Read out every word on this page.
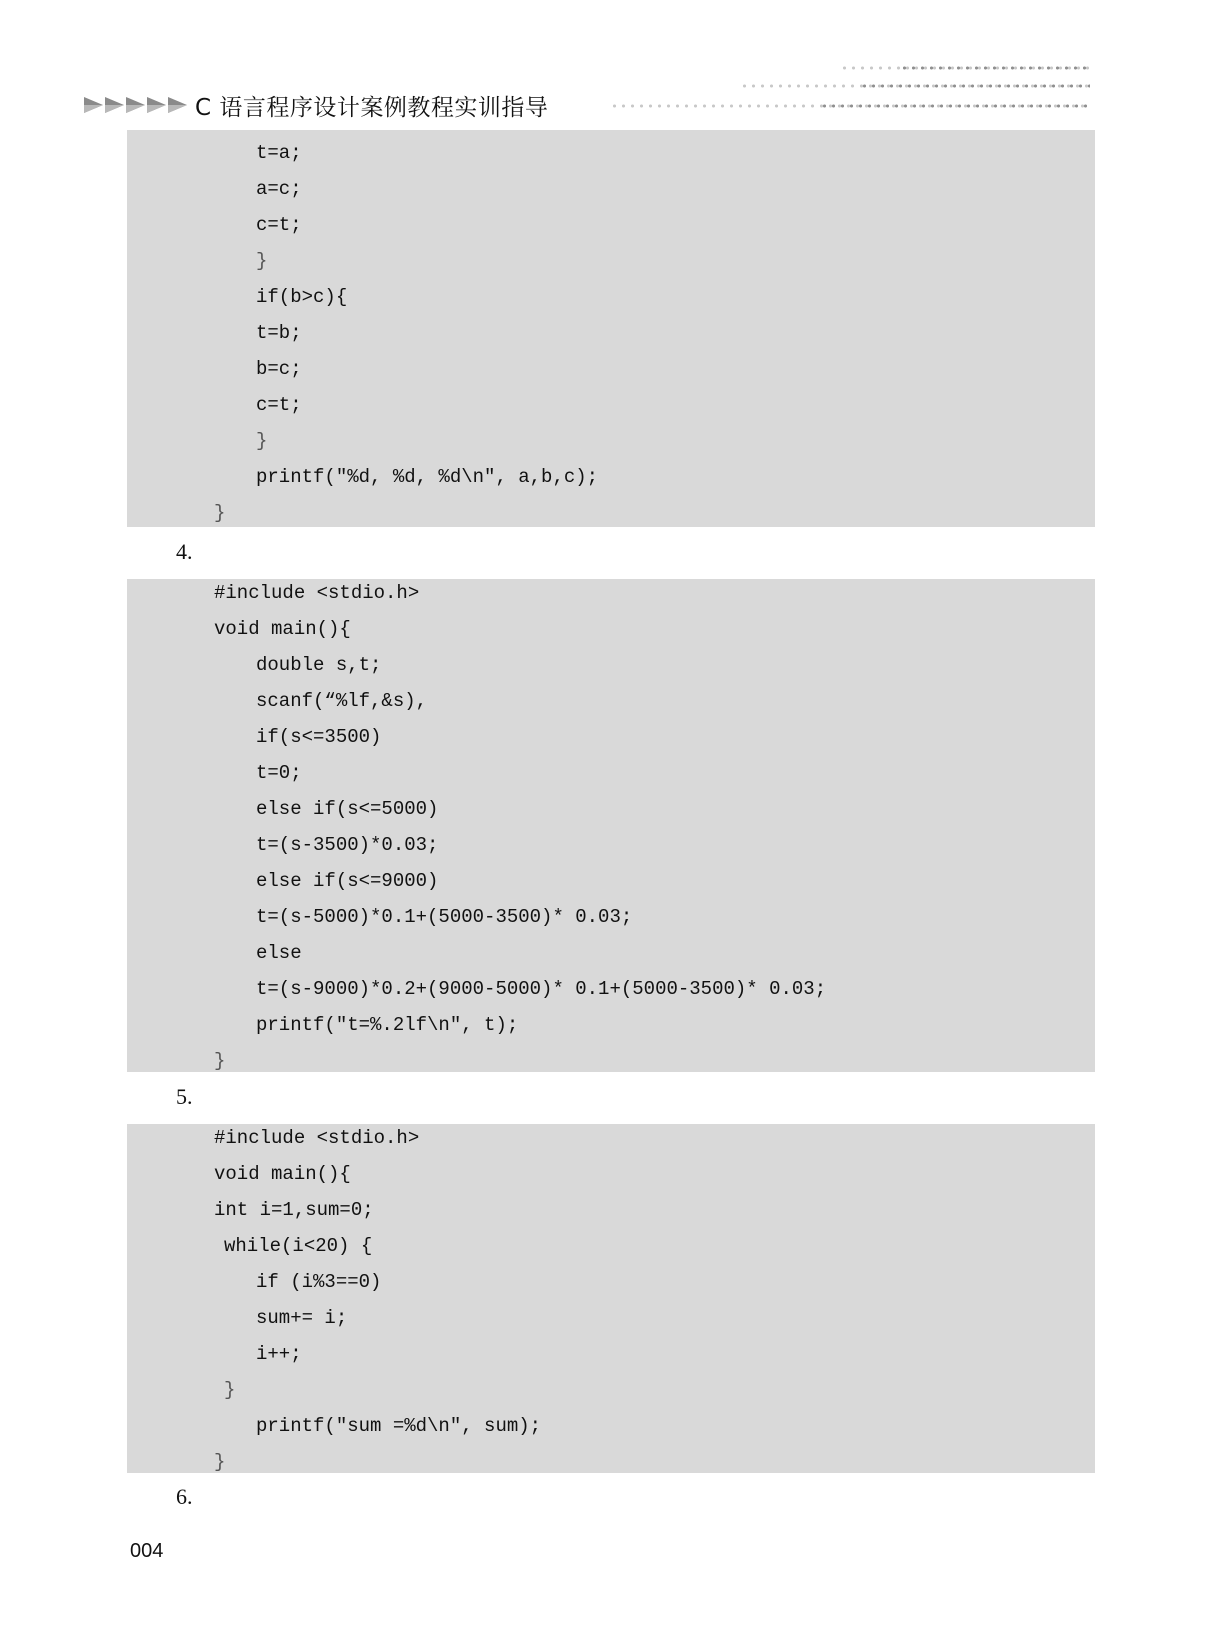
C 语言程序设计案例教程实训指导
t=a;
a=c;
c=t;
}
if(b>c){
t=b;
b=c;
c=t;
}
printf("%d, %d, %d\n", a,b,c);
}
4.
#include <stdio.h>
void main(){
double s,t;
scanf(“%lf,&s),
if(s<=3500)
t=0;
else if(s<=5000)
t=(s-3500)*0.03;
else if(s<=9000)
t=(s-5000)*0.1+(5000-3500)* 0.03;
else
t=(s-9000)*0.2+(9000-5000)* 0.1+(5000-3500)* 0.03;
printf("t=%.2lf\n", t);
}
5.
#include <stdio.h>
void main(){
int i=1,sum=0;
while(i<20) {
if (i%3==0)
sum+= i;
i++;
}
printf("sum =%d\n", sum);
}
6.
004
